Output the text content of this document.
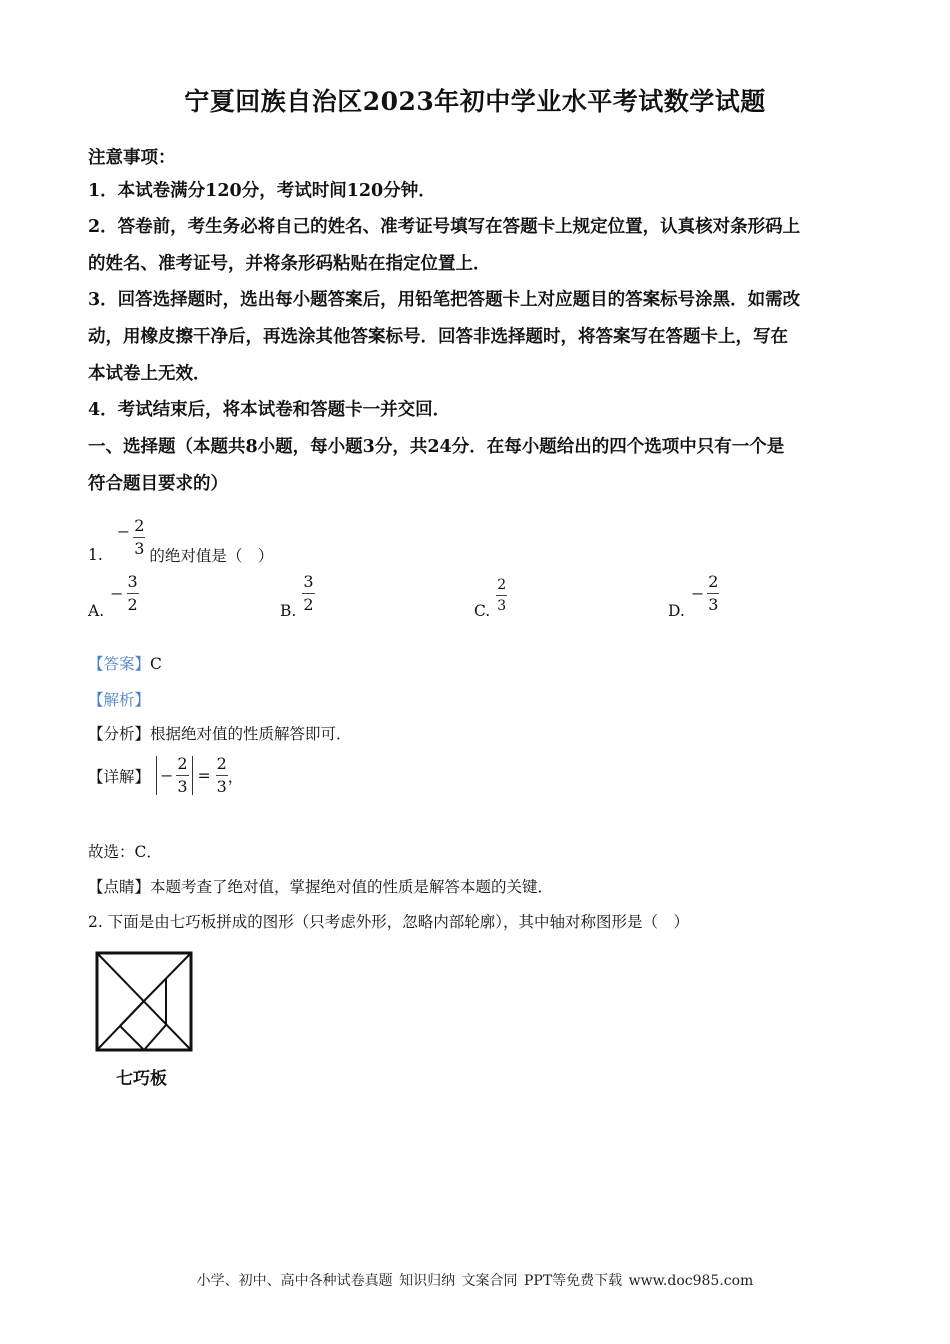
宁夏回族自治区2023年初中学业水平考试数学试题
注意事项：
1．本试卷满分120分，考试时间120分钟．
2．答卷前，考生务必将自己的姓名、准考证号填写在答题卡上规定位置，认真核对条形码上
的姓名、准考证号，并将条形码粘贴在指定位置上．
3．回答选择题时，选出每小题答案后，用铅笔把答题卡上对应题目的答案标号涂黑．如需改
动，用橡皮擦干净后，再选涂其他答案标号．回答非选择题时，将答案写在答题卡上，写在
本试卷上无效．
4．考试结束后，将本试卷和答题卡一并交回．
一、选择题（本题共8小题，每小题3分，共24分．在每小题给出的四个选项中只有一个是
符合题目要求的）
1.
− $\frac{2}{3}$ 的绝对值是（　）
A.
− $\frac{3}{2}$	B. $\frac{3}{2}$	C. $\frac{2}{3}$	D.
− $\frac{2}{3}$
【答案】C
【解析】
【分析】根据绝对值的性质解答即可．
【详解】 − $\frac{2}{3} = \frac{2}{3}$ ，
故选：C．
【点睛】本题考查了绝对值，掌握绝对值的性质是解答本题的关键．
2. 下面是由七巧板拼成的图形（只考虑外形，忽略内部轮廓），其中轴对称图形是（　）
七巧板
小学、初中、高中各种试卷真题 知识归纳 文案合同 PPT等免费下载 www.doc985.com
